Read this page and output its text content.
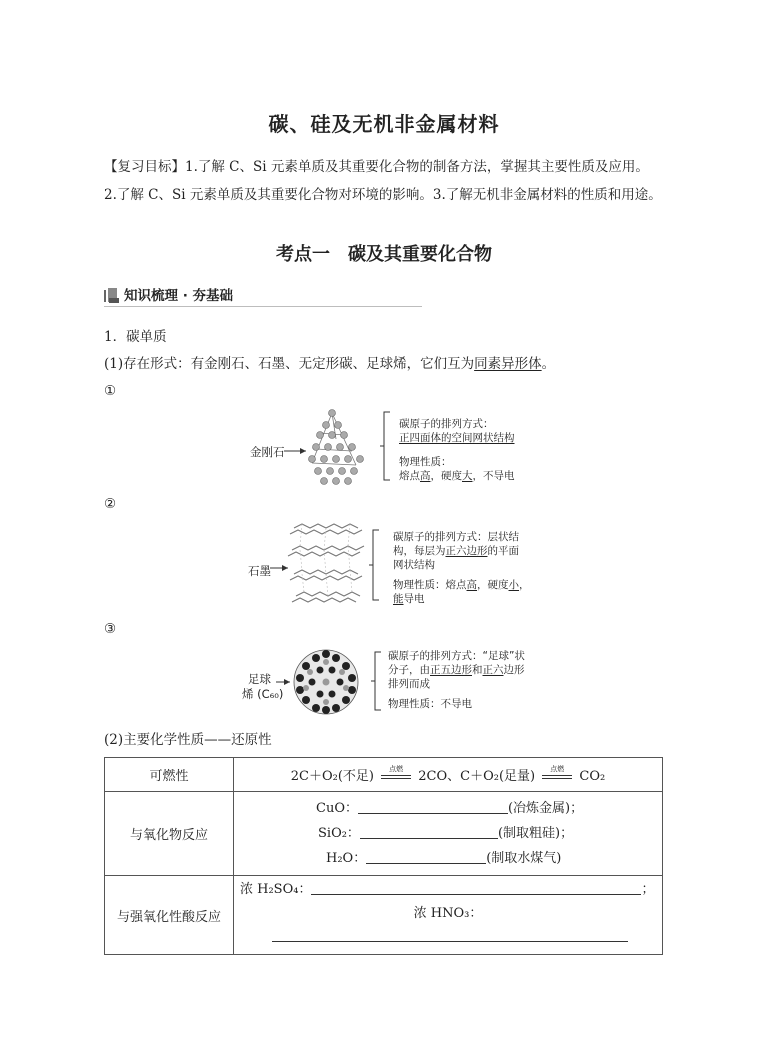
碳、硅及无机非金属材料
【复习目标】1.了解 C、Si 元素单质及其重要化合物的制备方法，掌握其主要性质及应用。
2.了解 C、Si 元素单质及其重要化合物对环境的影响。3.了解无机非金属材料的性质和用途。
考点一 碳及其重要化合物
知识梳理 · 夯基础
1．碳单质
(1)存在形式：有金刚石、石墨、无定形碳、足球烯，它们互为同素异形体。
①
金刚石
碳原子的排列方式：
正四面体的空间网状结构
物理性质：
熔点高，硬度大，不导电
②
石墨
碳原子的排列方式：层状结
构，每层为正六边形的平面
网状结构
物理性质：熔点高，硬度小，
能导电
③
足球
烯 (C₆₀)
碳原子的排列方式：“足球”状
分子，由正五边形和正六边形
排列而成
物理性质：不导电
(2)主要化学性质——还原性
可燃性	2C＋O₂(不足) 点燃 2CO、C＋O₂(足量) 点燃 CO₂
与氧化物反应	CuO： (冶炼金属)；
SiO₂： (制取粗硅)；
H₂O： (制取水煤气)

与强氧化性酸反应	浓 H₂SO₄： ；
浓 HNO₃：
